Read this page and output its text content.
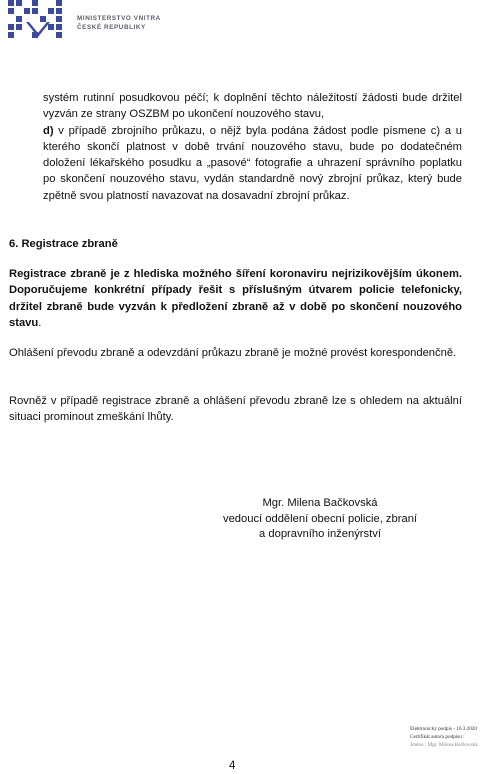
MINISTERSTVO VNITRA
ČESKÉ REPUBLIKY

systém rutinní posudkovou péčí; k doplnění těchto náležitostí žádosti bude držitel vyzván ze strany OSZBM po ukončení nouzového stavu,

d) v případě zbrojního průkazu, o nějž byla podána žádost podle písmene c) a u kterého skončí platnost v době trvání nouzového stavu, bude po dodatečném doložení lékařského posudku a „pasové“ fotografie a uhrazení správního poplatku po skončení nouzového stavu, vydán standardně nový zbrojní průkaz, který bude zpětně svou platností navazovat na dosavadní zbrojní průkaz.

6. Registrace zbraně

Registrace zbraně je z hlediska možného šíření koronaviru nejrizikovějším úkonem. Doporučujeme konkrétní případy řešit s příslušným útvarem policie telefonicky, držitel zbraně bude vyzván k předložení zbraně až v době po skončení nouzového stavu.

Ohlášení převodu zbraně a odevzdání průkazu zbraně je možné provést korespondenčně.

Rovněž v případě registrace zbraně a ohlášení převodu zbraně lze s ohledem na aktuální situaci prominout zmeškání lhůty.

Mgr. Milena Bačkovská
vedoucí oddělení obecní policie, zbraní
a dopravního inženýrství
4
Elektronický podpis - 16.3.2020
Certifikát autora podpisu :
Jméno : Mgr. Milena Bačkovská
